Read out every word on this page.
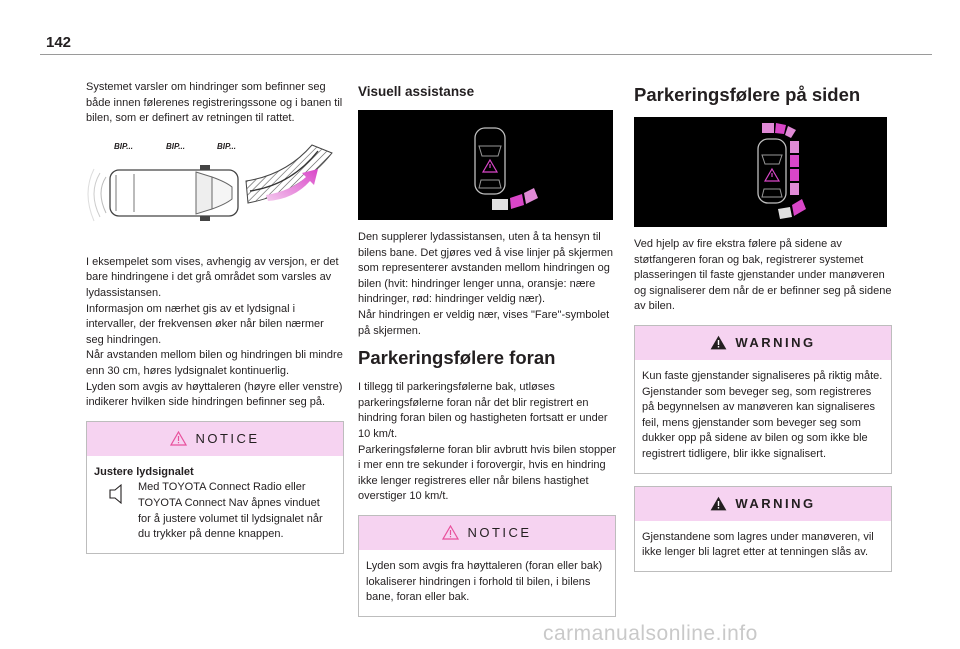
142

Systemet varsler om hindringer som befinner seg både innen følerenes registreringssone og i banen til bilen, som er definert av retningen til rattet.

BIP...	BIP...	BIP...

I eksempelet som vises, avhengig av versjon, er det bare hindringene i det grå området som varsles av lydassistansen.

Informasjon om nærhet gis av et lydsignal i intervaller, der frekvensen øker når bilen nærmer seg hindringen.

Når avstanden mellom bilen og hindringen bli mindre enn 30 cm, høres lydsignalet kontinuerlig.

Lyden som avgis av høyttaleren (høyre eller venstre) indikerer hvilken side hindringen befinner seg på.

NOTICE
Justere lydsignalet

Med TOYOTA Connect Radio eller TOYOTA Connect Nav åpnes vinduet for å justere volumet til lydsignalet når du trykker på denne knappen.

Visuell assistanse

Den supplerer lydassistansen, uten å ta hensyn til bilens bane. Det gjøres ved å vise linjer på skjermen som representerer avstanden mellom hindringen og bilen (hvit: hindringer lenger unna, oransje: nære hindringer, rød: hindringer veldig nær).

Når hindringen er veldig nær, vises "Fare"-symbolet på skjermen.

Parkeringsfølere foran

I tillegg til parkeringsfølerne bak, utløses parkeringsfølerne foran når det blir registrert en hindring foran bilen og hastigheten fortsatt er under 10 km/t.

Parkeringsfølerne foran blir avbrutt hvis bilen stopper i mer enn tre sekunder i forovergir, hvis en hindring ikke lenger registreres eller når bilens hastighet overstiger 10 km/t.

NOTICE

Lyden som avgis fra høyttaleren (foran eller bak) lokaliserer hindringen i forhold til bilen, i bilens bane, foran eller bak.

Parkeringsfølere på siden

Ved hjelp av fire ekstra følere på sidene av støtfangeren foran og bak, registrerer systemet plasseringen til faste gjenstander under manøveren og signaliserer dem når de er befinner seg på sidene av bilen.

WARNING

Kun faste gjenstander signaliseres på riktig måte. Gjenstander som beveger seg, som registreres på begynnelsen av manøveren kan signaliseres feil, mens gjenstander som beveger seg som dukker opp på sidene av bilen og som ikke ble registrert tidligere, blir ikke signalisert.

WARNING

Gjenstandene som lagres under manøveren, vil ikke lenger bli lagret etter at tenningen slås av.

carmanualsonline.info
